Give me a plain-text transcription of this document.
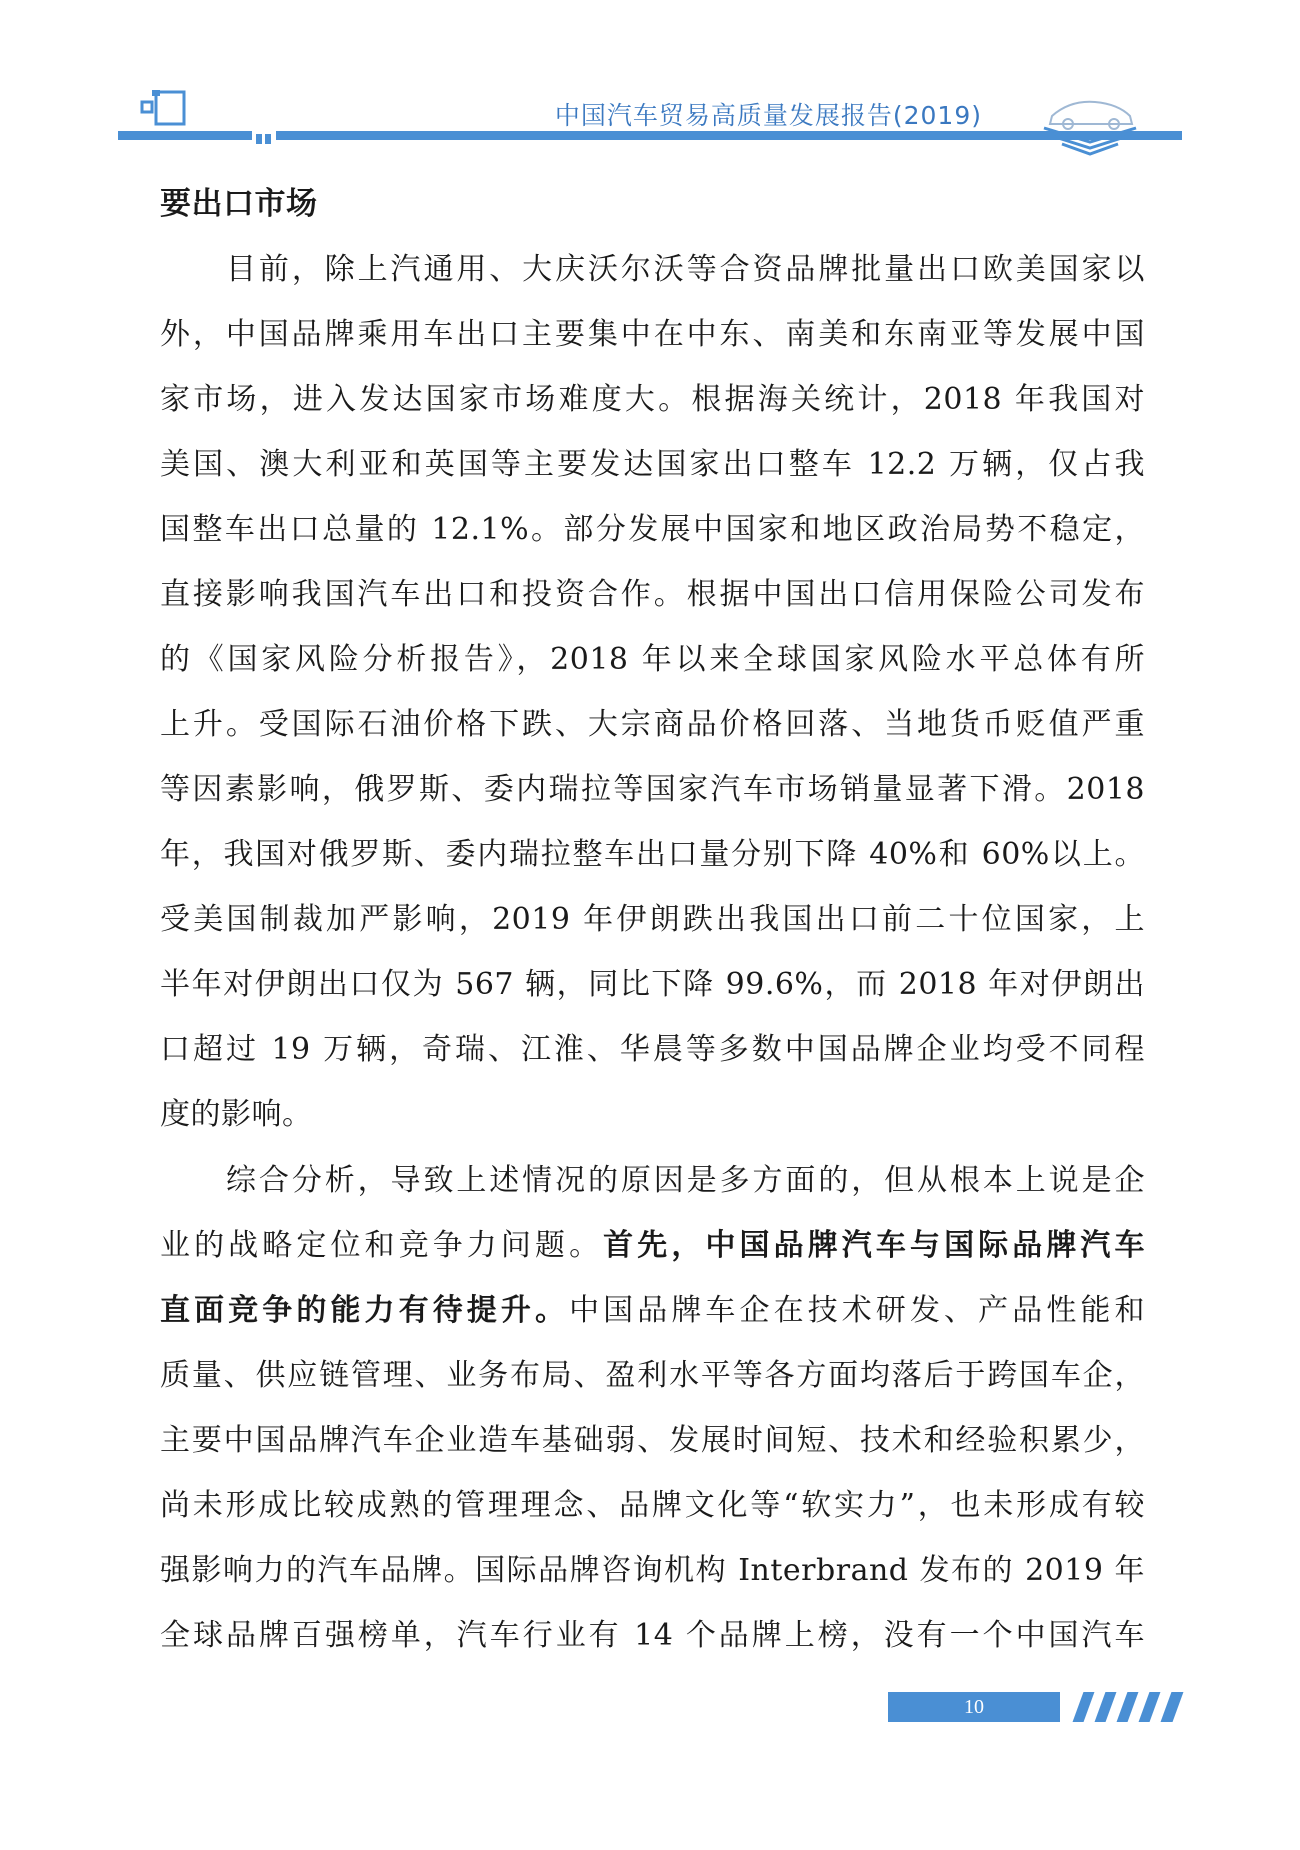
中国汽车贸易高质量发展报告(2019)
要出口市场
目前，除上汽通用、大庆沃尔沃等合资品牌批量出口欧美国家以
外，中国品牌乘用车出口主要集中在中东、南美和东南亚等发展中国
家市场，进入发达国家市场难度大。根据海关统计，2018 年我国对
美国、澳大利亚和英国等主要发达国家出口整车 12.2 万辆，仅占我
国整车出口总量的 12.1%。部分发展中国家和地区政治局势不稳定，
直接影响我国汽车出口和投资合作。根据中国出口信用保险公司发布
的《国家风险分析报告》，2018 年以来全球国家风险水平总体有所
上升。受国际石油价格下跌、大宗商品价格回落、当地货币贬值严重
等因素影响，俄罗斯、委内瑞拉等国家汽车市场销量显著下滑。2018
年，我国对俄罗斯、委内瑞拉整车出口量分别下降 40%和 60%以上。
受美国制裁加严影响，2019 年伊朗跌出我国出口前二十位国家，上
半年对伊朗出口仅为 567 辆，同比下降 99.6%，而 2018 年对伊朗出
口超过 19 万辆，奇瑞、江淮、华晨等多数中国品牌企业均受不同程
度的影响。
综合分析，导致上述情况的原因是多方面的，但从根本上说是企
业的战略定位和竞争力问题。首先，中国品牌汽车与国际品牌汽车
直面竞争的能力有待提升。中国品牌车企在技术研发、产品性能和
质量、供应链管理、业务布局、盈利水平等各方面均落后于跨国车企，
主要中国品牌汽车企业造车基础弱、发展时间短、技术和经验积累少，
尚未形成比较成熟的管理理念、品牌文化等“软实力”，也未形成有较
强影响力的汽车品牌。国际品牌咨询机构 Interbrand 发布的 2019 年
全球品牌百强榜单，汽车行业有 14 个品牌上榜，没有一个中国汽车
10
